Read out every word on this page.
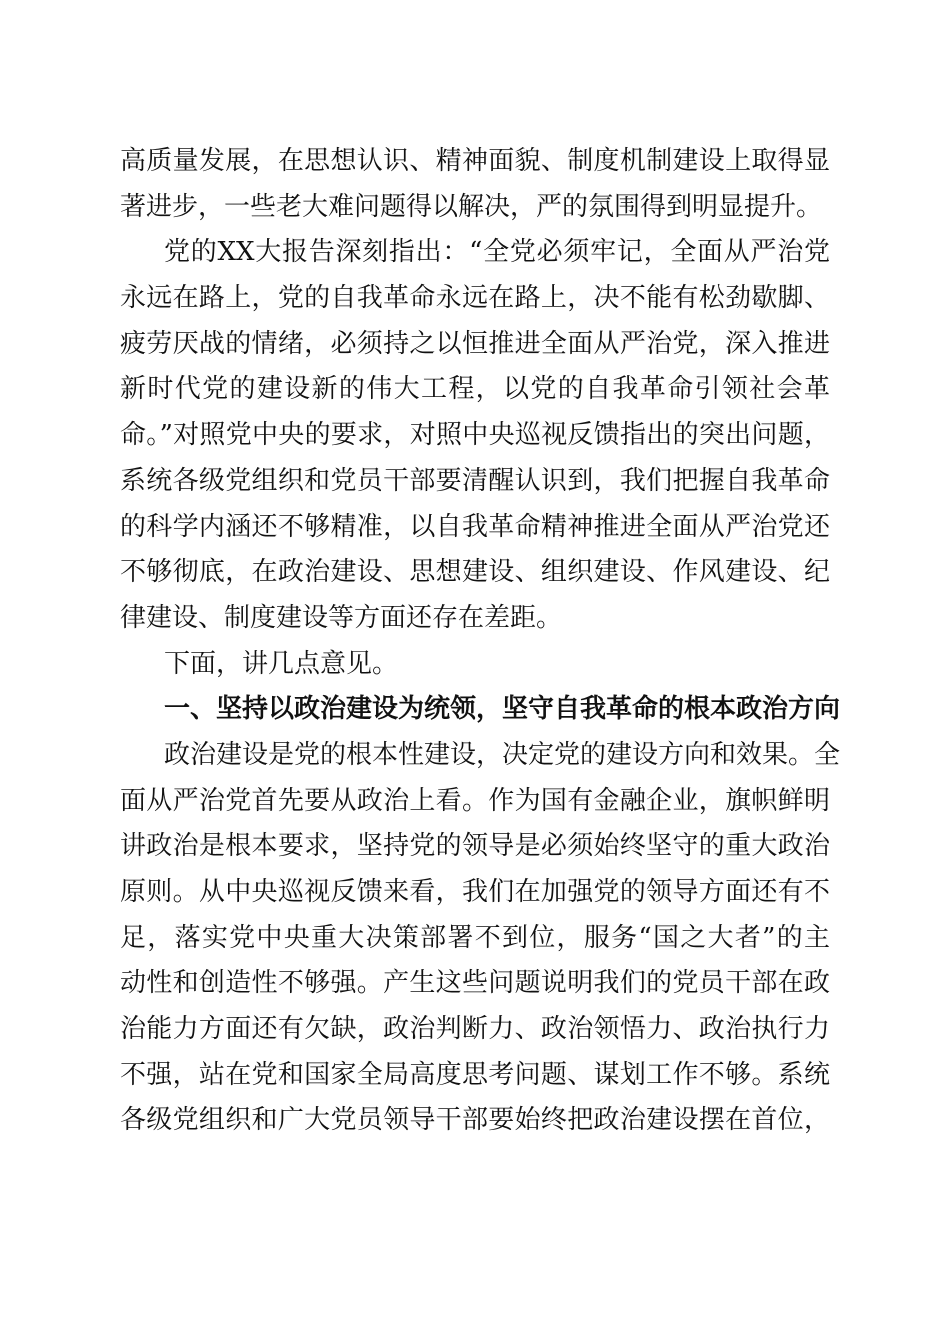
高质量发展，在思想认识、精神面貌、制度机制建设上取得显
著进步，一些老大难问题得以解决，严的氛围得到明显提升。
党的XX大报告深刻指出：“全党必须牢记，全面从严治党
永远在路上，党的自我革命永远在路上，决不能有松劲歇脚、
疲劳厌战的情绪，必须持之以恒推进全面从严治党，深入推进
新时代党的建设新的伟大工程，以党的自我革命引领社会革
命。”对照党中央的要求，对照中央巡视反馈指出的突出问题，
系统各级党组织和党员干部要清醒认识到，我们把握自我革命
的科学内涵还不够精准，以自我革命精神推进全面从严治党还
不够彻底，在政治建设、思想建设、组织建设、作风建设、纪
律建设、制度建设等方面还存在差距。
下面，讲几点意见。
一、坚持以政治建设为统领，坚守自我革命的根本政治方向
政治建设是党的根本性建设，决定党的建设方向和效果。全
面从严治党首先要从政治上看。作为国有金融企业，旗帜鲜明
讲政治是根本要求，坚持党的领导是必须始终坚守的重大政治
原则。从中央巡视反馈来看，我们在加强党的领导方面还有不
足，落实党中央重大决策部署不到位，服务“国之大者”的主
动性和创造性不够强。产生这些问题说明我们的党员干部在政
治能力方面还有欠缺，政治判断力、政治领悟力、政治执行力
不强，站在党和国家全局高度思考问题、谋划工作不够。系统
各级党组织和广大党员领导干部要始终把政治建设摆在首位，
